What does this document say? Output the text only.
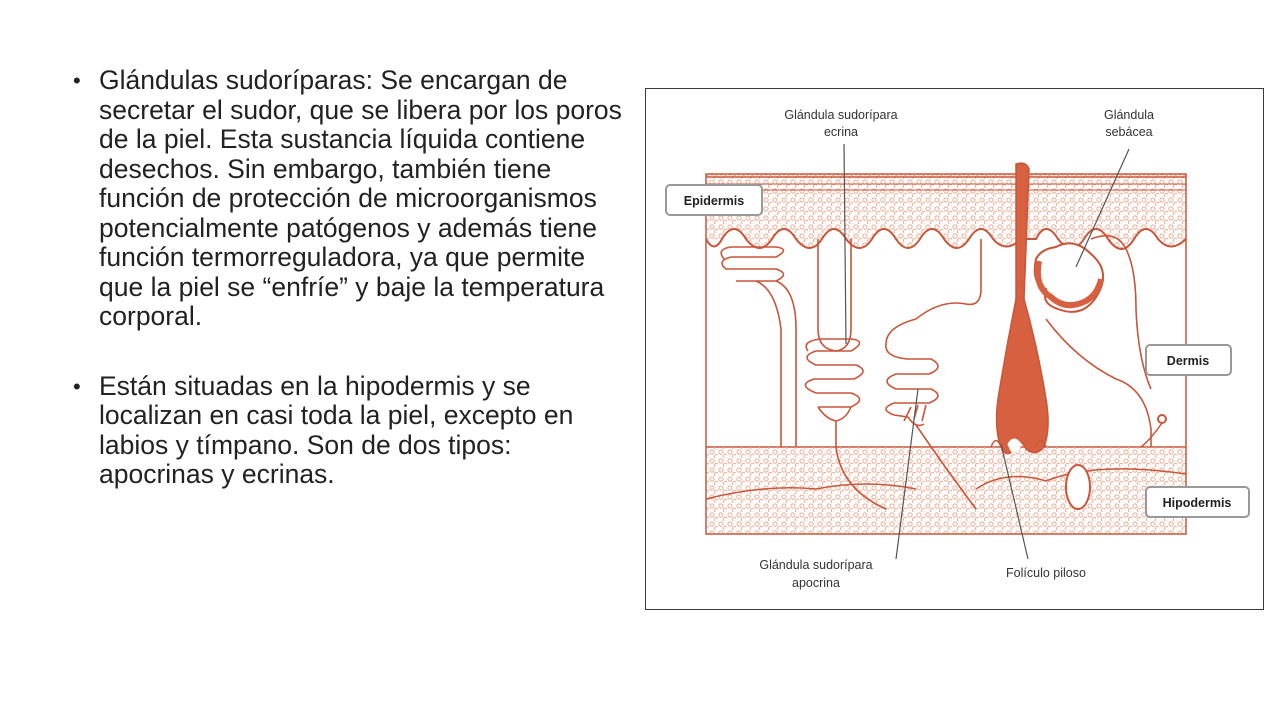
• Glándulas sudoríparas: Se encargan de secretar el sudor, que se libera por los poros de la piel. Esta sustancia líquida contiene desechos. Sin embargo, también tiene función de protección de microorganismos potencialmente patógenos y además tiene función termorreguladora, ya que permite que la piel se “enfríe” y baje la temperatura corporal.
• Están situadas en la hipodermis y se localizan en casi toda la piel, excepto en labios y tímpano. Son de dos tipos: apocrinas y ecrinas.
Glándula sudorípara
ecrina
Glándula
sebácea
Epidermis
Dermis
Hipodermis
Glándula sudorípara
apocrina
Folículo piloso
